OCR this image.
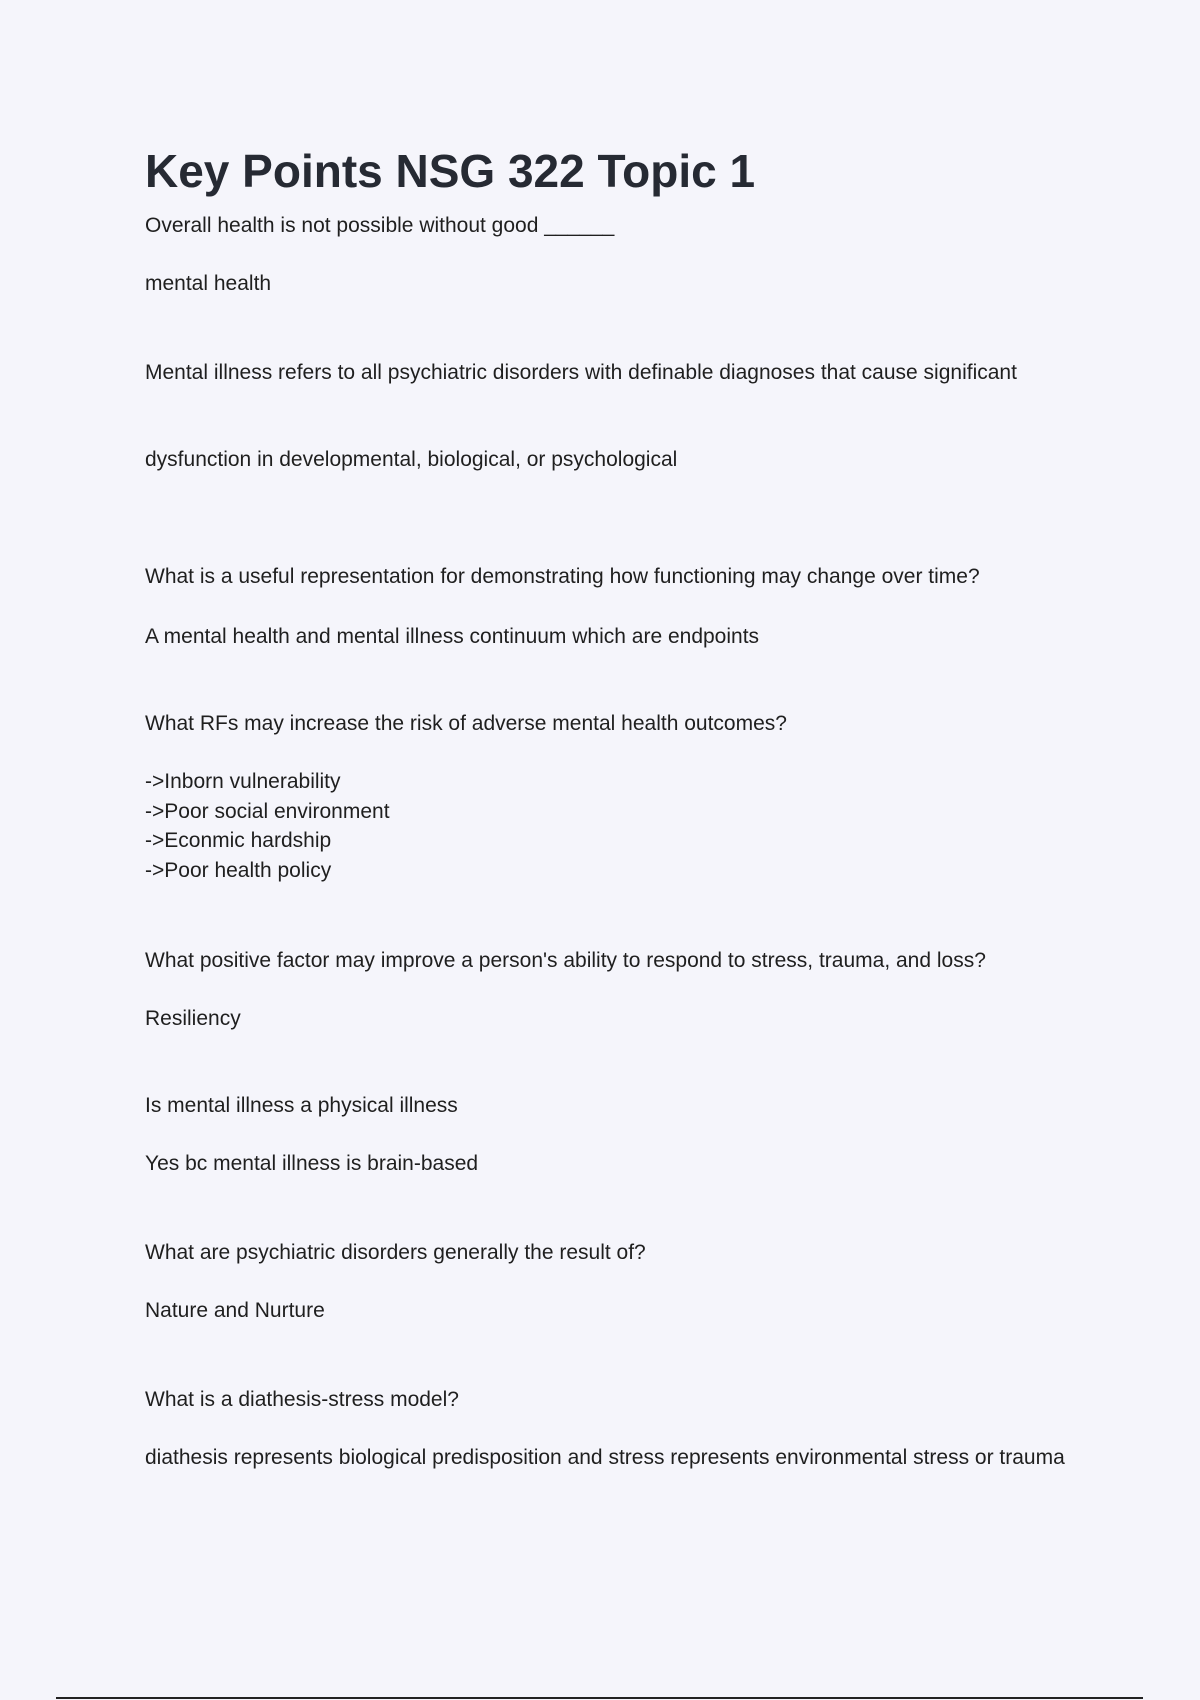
Key Points NSG 322 Topic 1

Overall health is not possible without good ______

mental health

Mental illness refers to all psychiatric disorders with definable diagnoses that cause significant

dysfunction in developmental, biological, or psychological

What is a useful representation for demonstrating how functioning may change over time?

A mental health and mental illness continuum which are endpoints

What RFs may increase the risk of adverse mental health outcomes?

->Inborn vulnerability

->Poor social environment

->Econmic hardship

->Poor health policy

What positive factor may improve a person's ability to respond to stress, trauma, and loss?

Resiliency

Is mental illness a physical illness

Yes bc mental illness is brain-based

What are psychiatric disorders generally the result of?

Nature and Nurture

What is a diathesis-stress model?

diathesis represents biological predisposition and stress represents environmental stress or trauma
